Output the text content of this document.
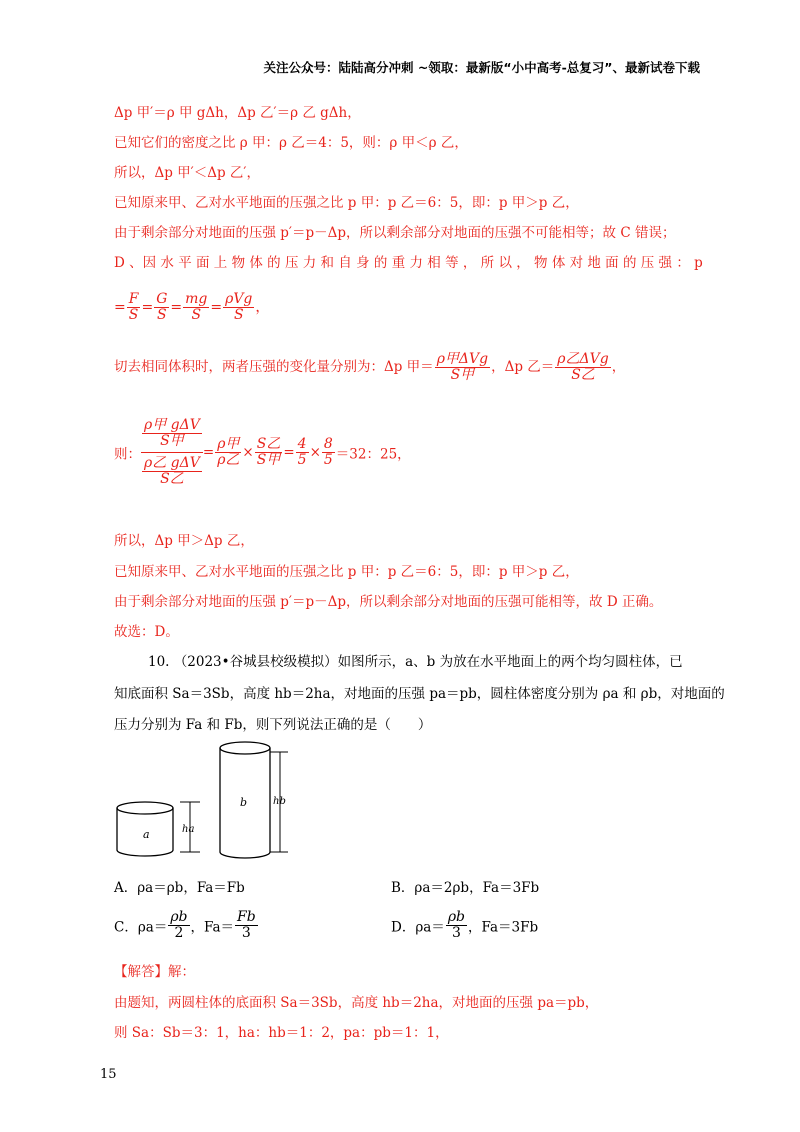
关注公众号：陆陆高分冲刺 ~领取：最新版“小中高考-总复习”、最新试卷下载
Δp 甲′＝ρ 甲 gΔh，Δp 乙′＝ρ 乙 gΔh，
已知它们的密度之比 ρ 甲：ρ 乙＝4：5，则：ρ 甲＜ρ 乙，
所以，Δp 甲′＜Δp 乙′，
已知原来甲、乙对水平地面的压强之比 p 甲：p 乙＝6：5，即：p 甲＞p 乙，
由于剩余部分对地面的压强 p′＝p－Δp，所以剩余部分对地面的压强不可能相等；故 C 错误；
D 、因 水 平 面 上 物 体 的 压 力 和 自 身 的 重 力 相 等 ， 所 以 ， 物 体 对 地 面 的 压 强 ： p
= $\frac{F}{S} = \frac{G}{S} = \frac{mg}{S} = \frac{\text{ρVg}}{S}$ ，
切去相同体积时，两者压强的变化量分别为：Δp 甲＝ $\frac{\text{ρ甲ΔVg}}{\text{S甲}}$ ，Δp 乙＝ $\frac{\text{ρ乙ΔVg}}{\text{S乙}}$ ，
则：
$\frac{\text{ρ甲 gΔV}}{\text{S甲}}$
$\frac{\text{ρ乙 gΔV}}{\text{S乙}}$
= $\frac{\text{ρ甲}}{\text{ρ乙}} \times \frac{\text{S乙}}{\text{S甲}} = \frac{4}{5} \times \frac{8}{5} =32$：25，
所以，Δp 甲＞Δp 乙，
已知原来甲、乙对水平地面的压强之比 p 甲：p 乙＝6：5，即：p 甲＞p 乙，
由于剩余部分对地面的压强 p′＝p－Δp，所以剩余部分对地面的压强可能相等，故 D 正确。
故选：D。
10. （2023•谷城县校级模拟）如图所示，a、b 为放在水平地面上的两个均匀圆柱体，已
知底面积 Sa＝3Sb，高度 hb＝2ha，对地面的压强 pa＝pb，圆柱体密度分别为 ρa 和 ρb，对地面的
压力分别为 Fa 和 Fb，则下列说法正确的是（　　）
a	ha
b	hb
A．ρa＝ρb，Fa＝Fb	B．ρa＝2ρb，Fa＝3Fb
C．$\rho a= \frac{\rho b}{2}$ ，$Fa= \frac{Fb}{3}$	D．$\rho a= \frac{\rho b}{3}$ ，Fa＝3Fb
【解答】解：
由题知，两圆柱体的底面积 Sa＝3Sb，高度 hb＝2ha，对地面的压强 pa＝pb，
则 Sa：Sb＝3：1，ha：hb＝1：2，pa：pb＝1：1，
15
